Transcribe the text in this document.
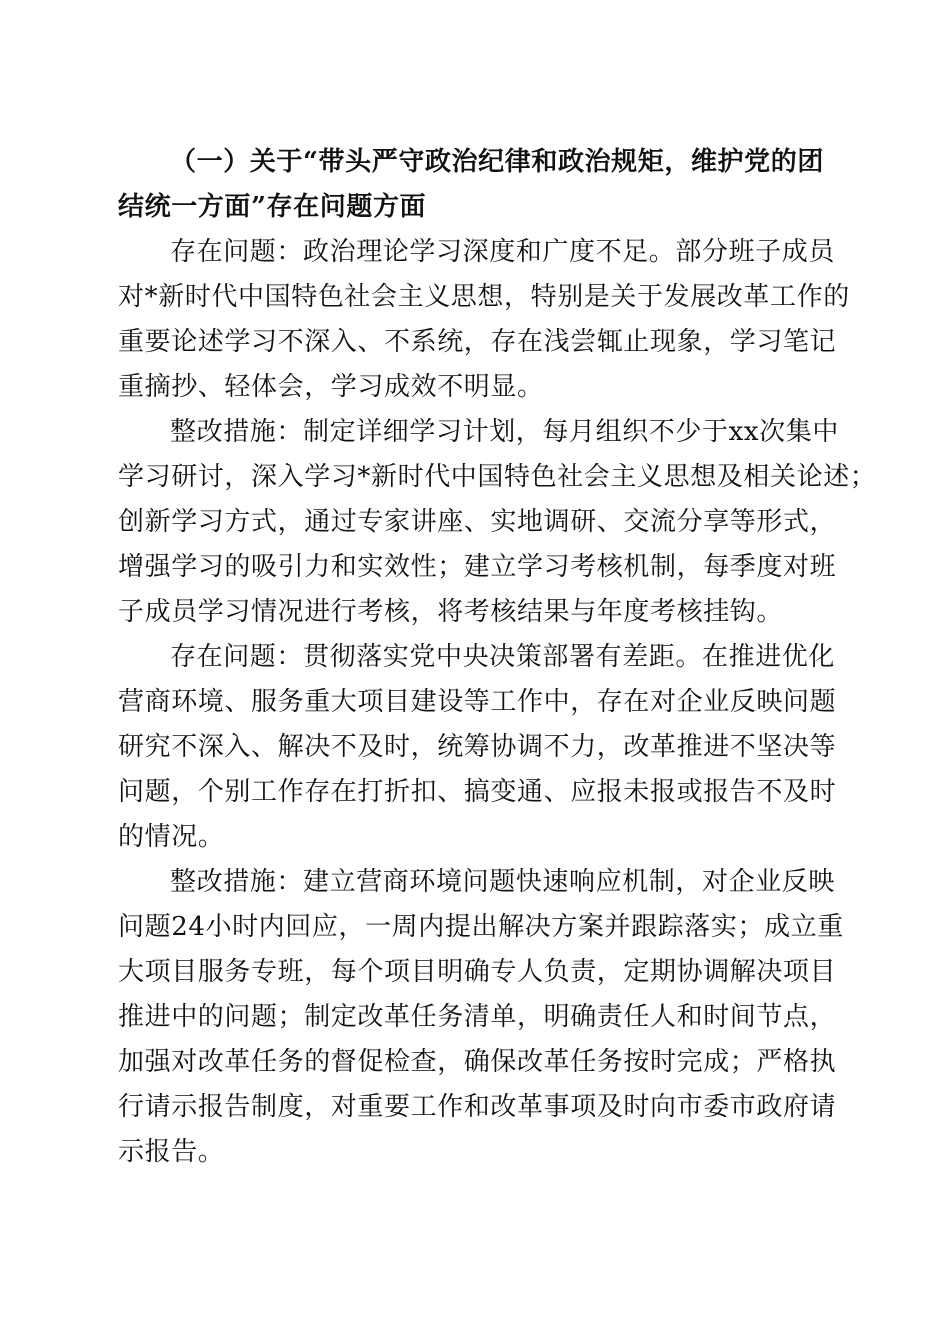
（一）关于“带头严守政治纪律和政治规矩，维护党的团
结统一方面”存在问题方面
存在问题：政治理论学习深度和广度不足。部分班子成员
对*新时代中国特色社会主义思想，特别是关于发展改革工作的
重要论述学习不深入、不系统，存在浅尝辄止现象，学习笔记
重摘抄、轻体会，学习成效不明显。
整改措施：制定详细学习计划，每月组织不少于xx次集中
学习研讨，深入学习*新时代中国特色社会主义思想及相关论述；
创新学习方式，通过专家讲座、实地调研、交流分享等形式，
增强学习的吸引力和实效性；建立学习考核机制，每季度对班
子成员学习情况进行考核，将考核结果与年度考核挂钩。
存在问题：贯彻落实党中央决策部署有差距。在推进优化
营商环境、服务重大项目建设等工作中，存在对企业反映问题
研究不深入、解决不及时，统筹协调不力，改革推进不坚决等
问题，个别工作存在打折扣、搞变通、应报未报或报告不及时
的情况。
整改措施：建立营商环境问题快速响应机制，对企业反映
问题24小时内回应，一周内提出解决方案并跟踪落实；成立重
大项目服务专班，每个项目明确专人负责，定期协调解决项目
推进中的问题；制定改革任务清单，明确责任人和时间节点，
加强对改革任务的督促检查，确保改革任务按时完成；严格执
行请示报告制度，对重要工作和改革事项及时向市委市政府请
示报告。
